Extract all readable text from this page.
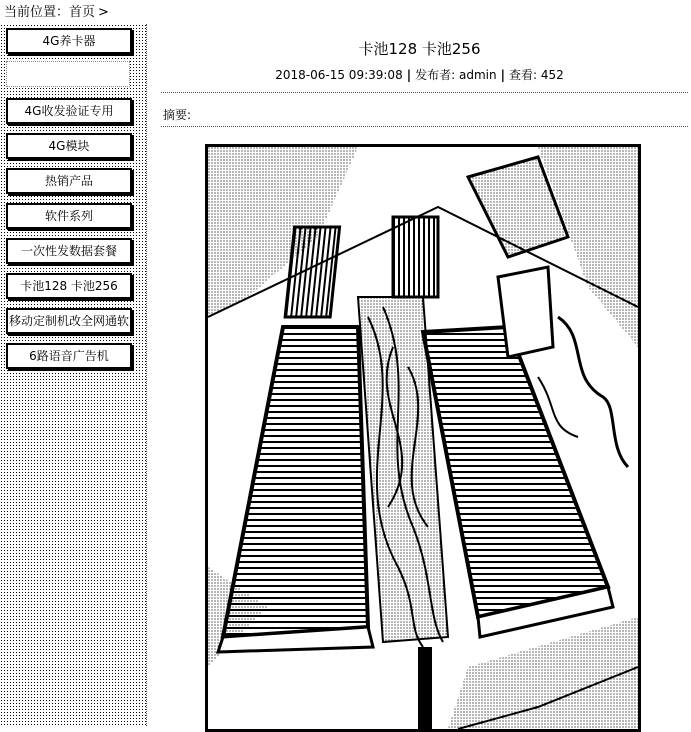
当前位置：首页 >
4G养卡器
4G收发验证专用
4G模块
热销产品
软件系列
一次性发数据套餐
卡池128 卡池256
移动定制机改全网通软
6路语音广告机
卡池128 卡池256
2018-06-15 09:39:08 | 发布者: admin | 查看: 452
摘要:
